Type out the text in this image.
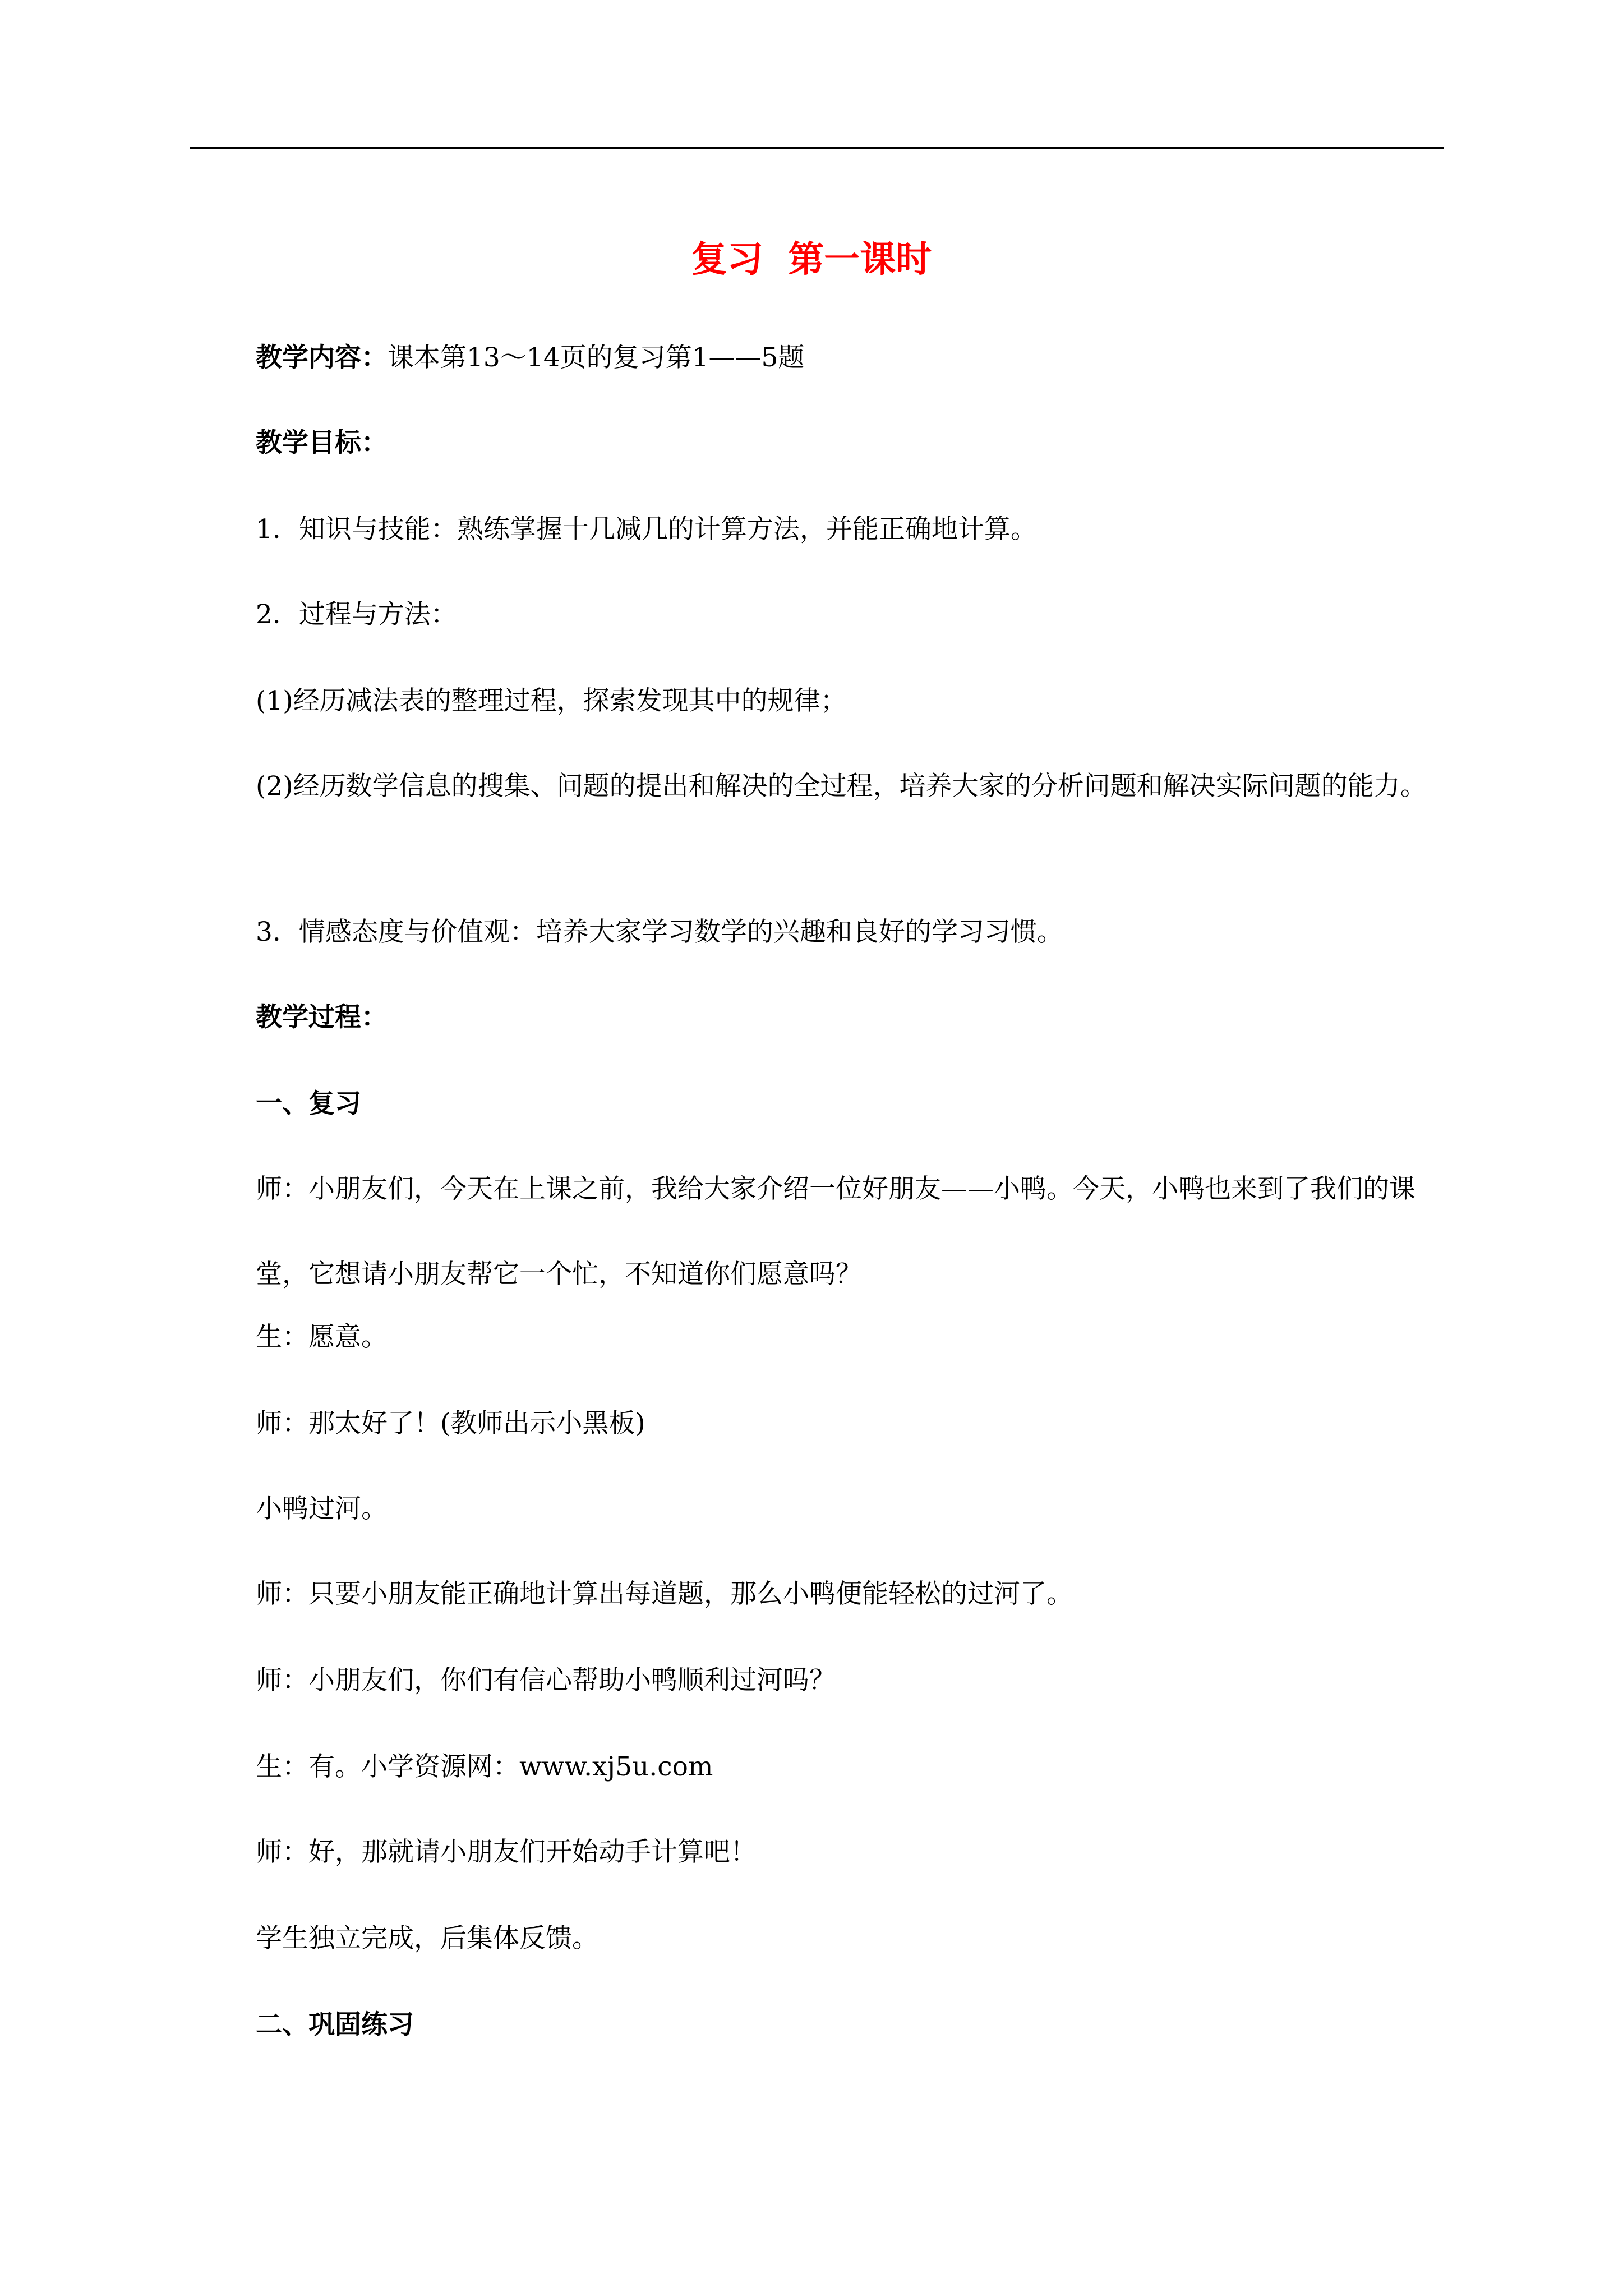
复习  第一课时
教学内容：课本第13～14页的复习第1——5题
教学目标：
1．知识与技能：熟练掌握十几减几的计算方法，并能正确地计算。
2．过程与方法：
(1)经历减法表的整理过程，探索发现其中的规律；
(2)经历数学信息的搜集、问题的提出和解决的全过程，培养大家的分析问题和解决实际问题的能力。
3．情感态度与价值观：培养大家学习数学的兴趣和良好的学习习惯。
教学过程：
一、复习
师：小朋友们，今天在上课之前，我给大家介绍一位好朋友——小鸭。今天，小鸭也来到了我们的课堂，它想请小朋友帮它一个忙，不知道你们愿意吗？
生：愿意。
师：那太好了！(教师出示小黑板)
小鸭过河。
师：只要小朋友能正确地计算出每道题，那么小鸭便能轻松的过河了。
师：小朋友们，你们有信心帮助小鸭顺利过河吗？
生：有。小学资源网：www.xj5u.com
师：好，那就请小朋友们开始动手计算吧！
学生独立完成，后集体反馈。
二、巩固练习
